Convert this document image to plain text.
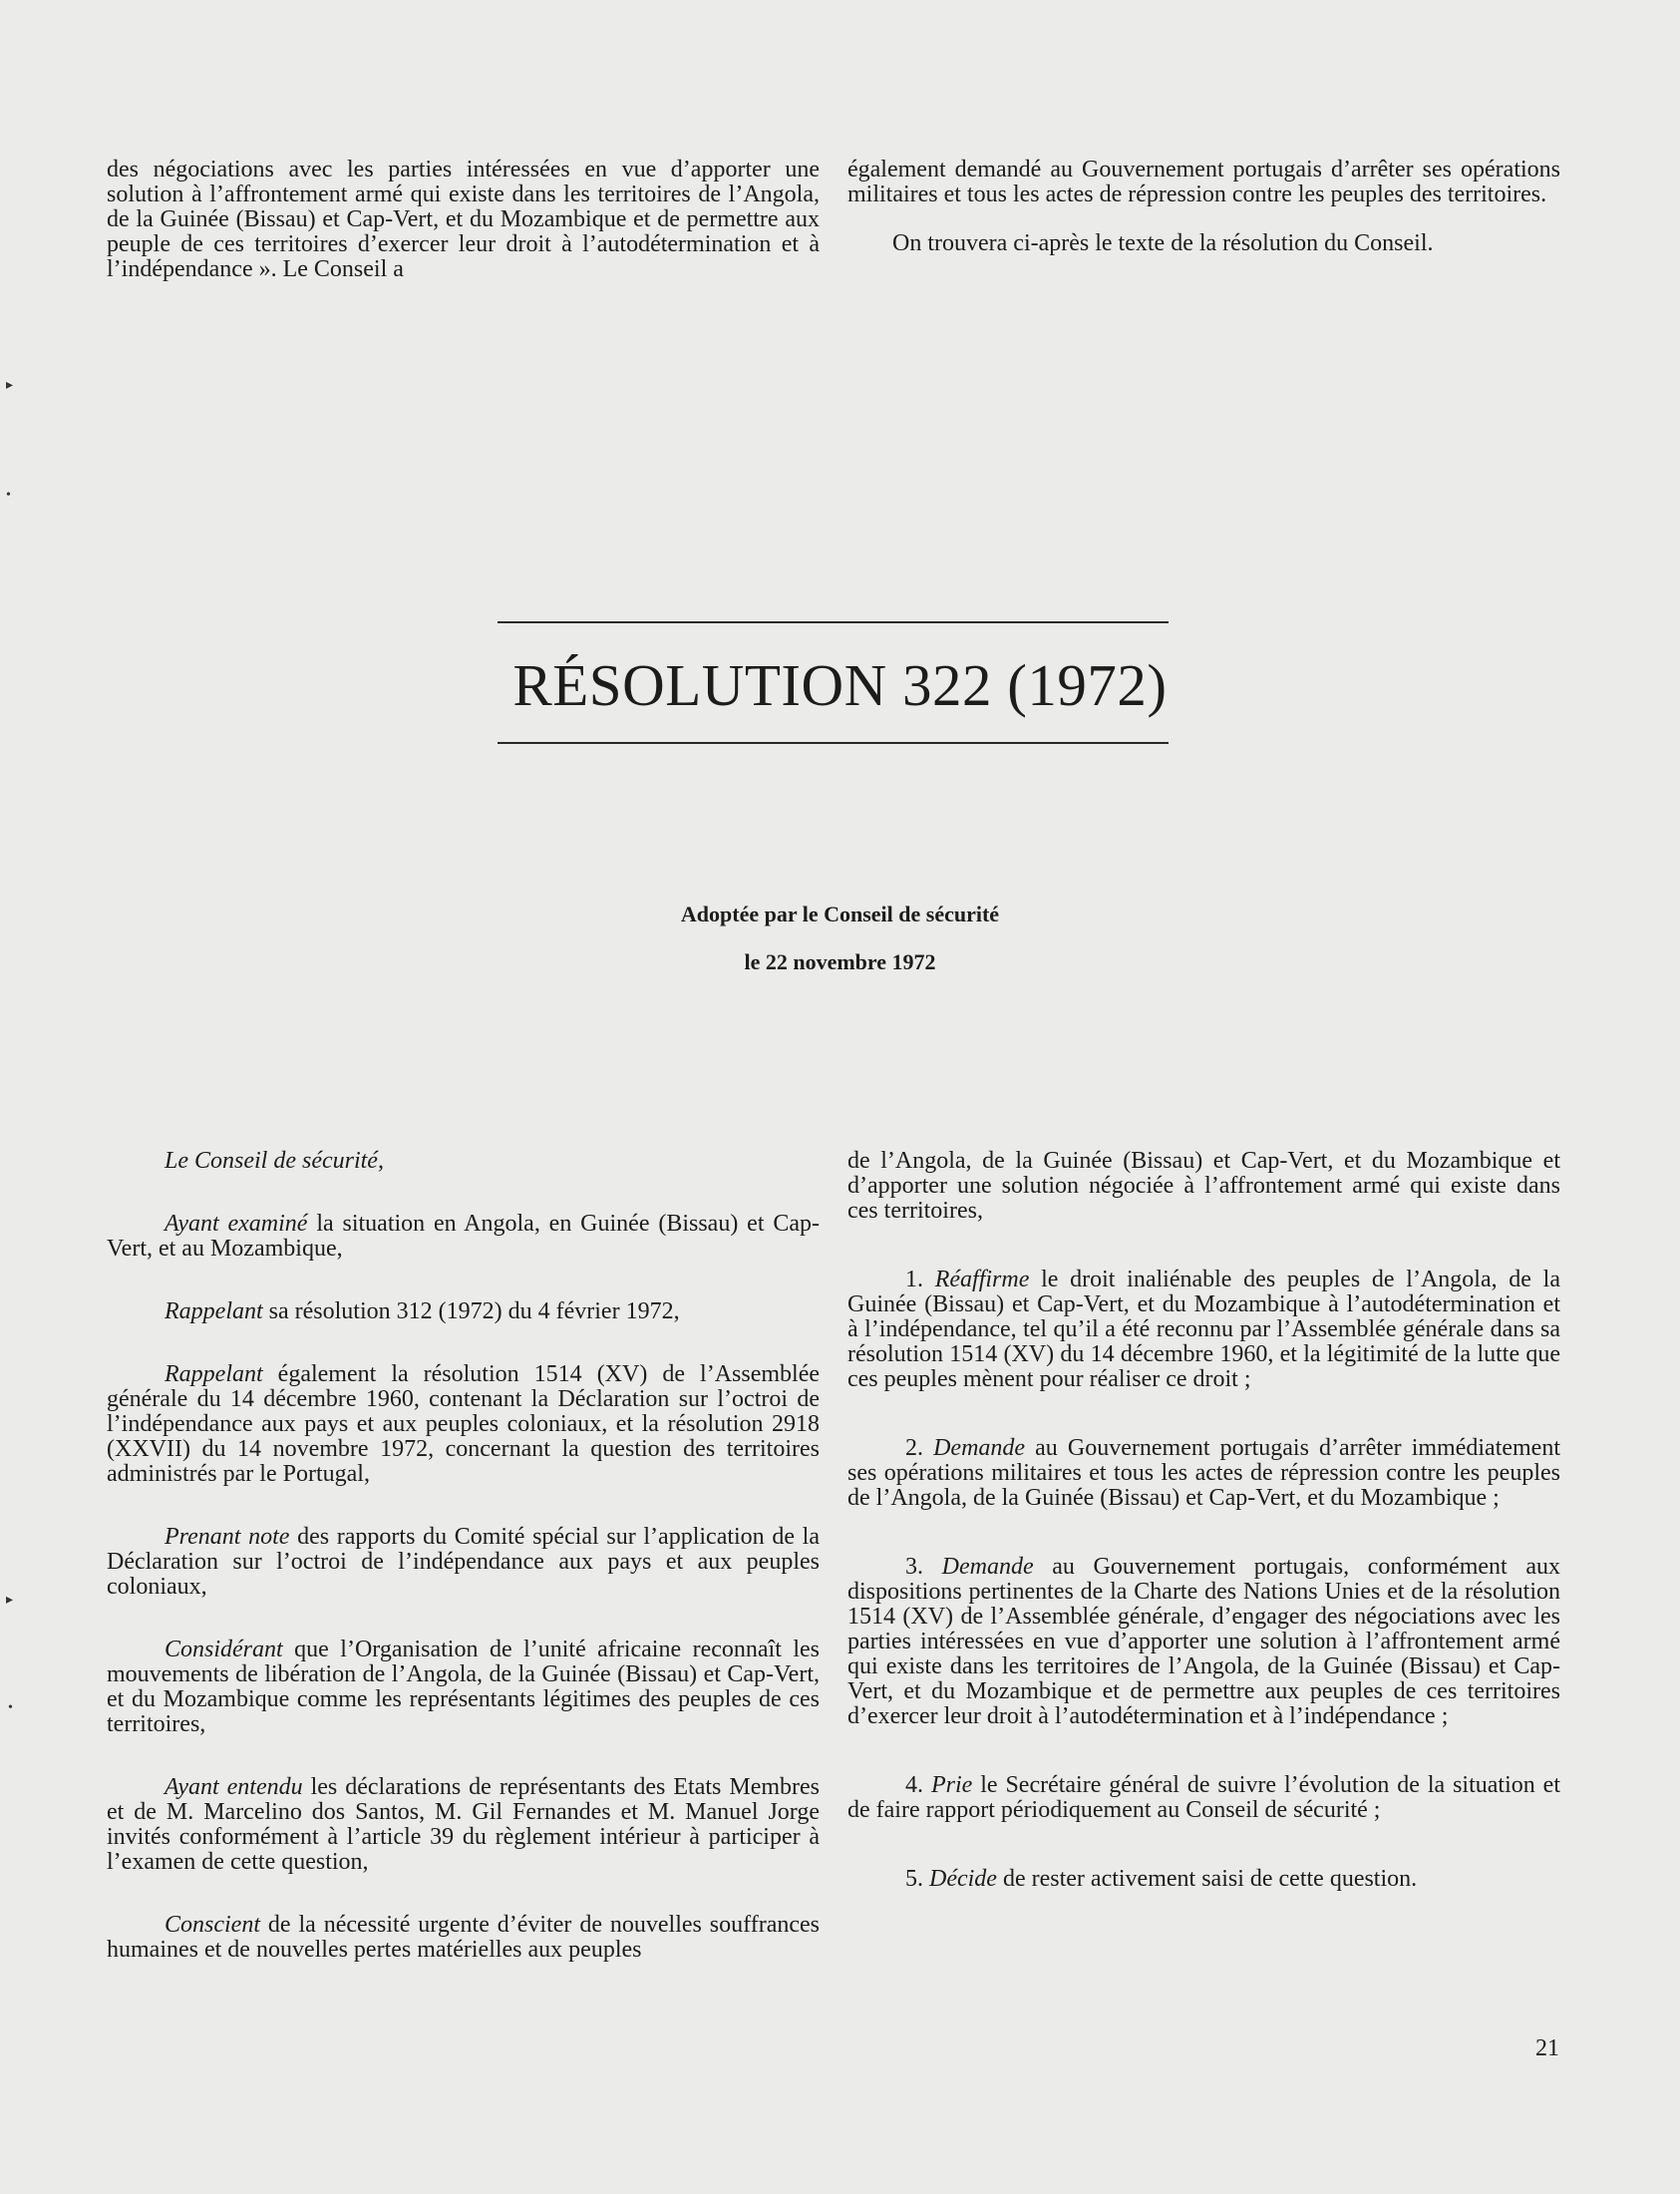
▸
•
▸
•

des négociations avec les parties intéressées en vue d’apporter une solution à l’affrontement armé qui existe dans les territoires de l’Angola, de la Guinée (Bissau) et Cap-Vert, et du Mozambique et de permettre aux peuple de ces territoires d’exercer leur droit à l’autodétermination et à l’indépendance ». Le Conseil a

également demandé au Gouvernement portugais d’arrêter ses opérations militaires et tous les actes de répression contre les peuples des territoires.

On trouvera ci-après le texte de la résolution du Conseil.

RÉSOLUTION 322 (1972)
Adoptée par le Conseil de sécurité
le 22 novembre 1972

Le Conseil de sécurité,

Ayant examiné la situation en Angola, en Guinée (Bissau) et Cap-Vert, et au Mozambique,

Rappelant sa résolution 312 (1972) du 4 février 1972,

Rappelant également la résolution 1514 (XV) de l’Assemblée générale du 14 décembre 1960, contenant la Déclaration sur l’octroi de l’indépendance aux pays et aux peuples coloniaux, et la résolution 2918 (XXVII) du 14 novembre 1972, concernant la question des territoires administrés par le Portugal,

Prenant note des rapports du Comité spécial sur l’application de la Déclaration sur l’octroi de l’indépendance aux pays et aux peuples coloniaux,

Considérant que l’Organisation de l’unité africaine reconnaît les mouvements de libération de l’Angola, de la Guinée (Bissau) et Cap-Vert, et du Mozambique comme les représentants légitimes des peuples de ces territoires,

Ayant entendu les déclarations de représentants des Etats Membres et de M. Marcelino dos Santos, M. Gil Fernandes et M. Manuel Jorge invités conformément à l’article 39 du règlement intérieur à participer à l’examen de cette question,

Conscient de la nécessité urgente d’éviter de nouvelles souffrances humaines et de nouvelles pertes matérielles aux peuples

de l’Angola, de la Guinée (Bissau) et Cap-Vert, et du Mozambique et d’apporter une solution négociée à l’affrontement armé qui existe dans ces territoires,

1. Réaffirme le droit inaliénable des peuples de l’Angola, de la Guinée (Bissau) et Cap-Vert, et du Mozambique à l’autodétermination et à l’indépendance, tel qu’il a été reconnu par l’Assemblée générale dans sa résolution 1514 (XV) du 14 décembre 1960, et la légitimité de la lutte que ces peuples mènent pour réaliser ce droit ;

2. Demande au Gouvernement portugais d’arrêter immédiatement ses opérations militaires et tous les actes de répression contre les peuples de l’Angola, de la Guinée (Bissau) et Cap-Vert, et du Mozambique ;

3. Demande au Gouvernement portugais, conformément aux dispositions pertinentes de la Charte des Nations Unies et de la résolution 1514 (XV) de l’Assemblée générale, d’engager des négociations avec les parties intéressées en vue d’apporter une solution à l’affrontement armé qui existe dans les territoires de l’Angola, de la Guinée (Bissau) et Cap-Vert, et du Mozambique et de permettre aux peuples de ces territoires d’exercer leur droit à l’autodétermination et à l’indépendance ;

4. Prie le Secrétaire général de suivre l’évolution de la situation et de faire rapport périodiquement au Conseil de sécurité ;

5. Décide de rester activement saisi de cette question.

21
